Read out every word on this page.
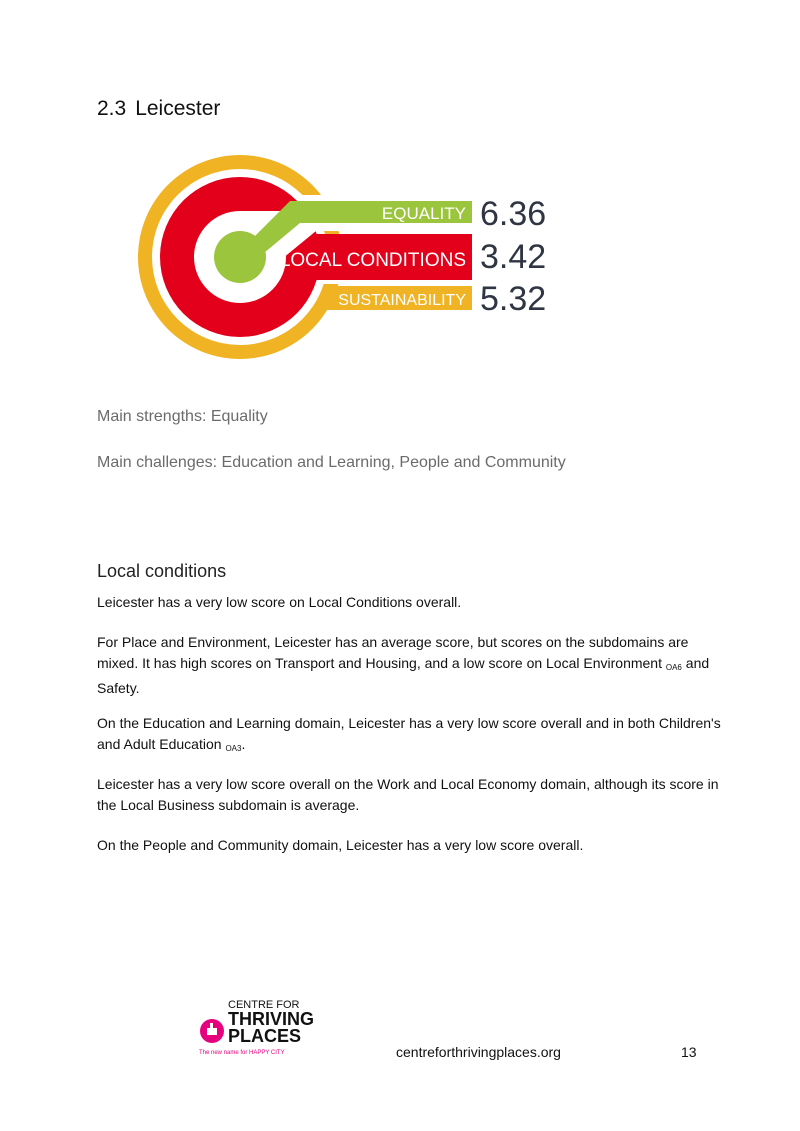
2.3 Leicester
EQUALITY
LOCAL CONDITIONS
SUSTAINABILITY
6.36
3.42
5.32
Main strengths: Equality
Main challenges: Education and Learning, People and Community
Local conditions
Leicester has a very low score on Local Conditions overall.
For Place and Environment, Leicester has an average score, but scores on the subdomains are mixed. It has high scores on Transport and Housing, and a low score on Local Environment $_{OA6}$ and Safety.
On the Education and Learning domain, Leicester has a very low score overall and in both Children's and Adult Education $_{OA3}$.
Leicester has a very low score overall on the Work and Local Economy domain, although its score in the Local Business subdomain is average.
On the People and Community domain, Leicester has a very low score overall.
CENTRE FOR
THRIVING
PLACES
The new name for HAPPY CITY	centreforthrivingplaces.org	13
